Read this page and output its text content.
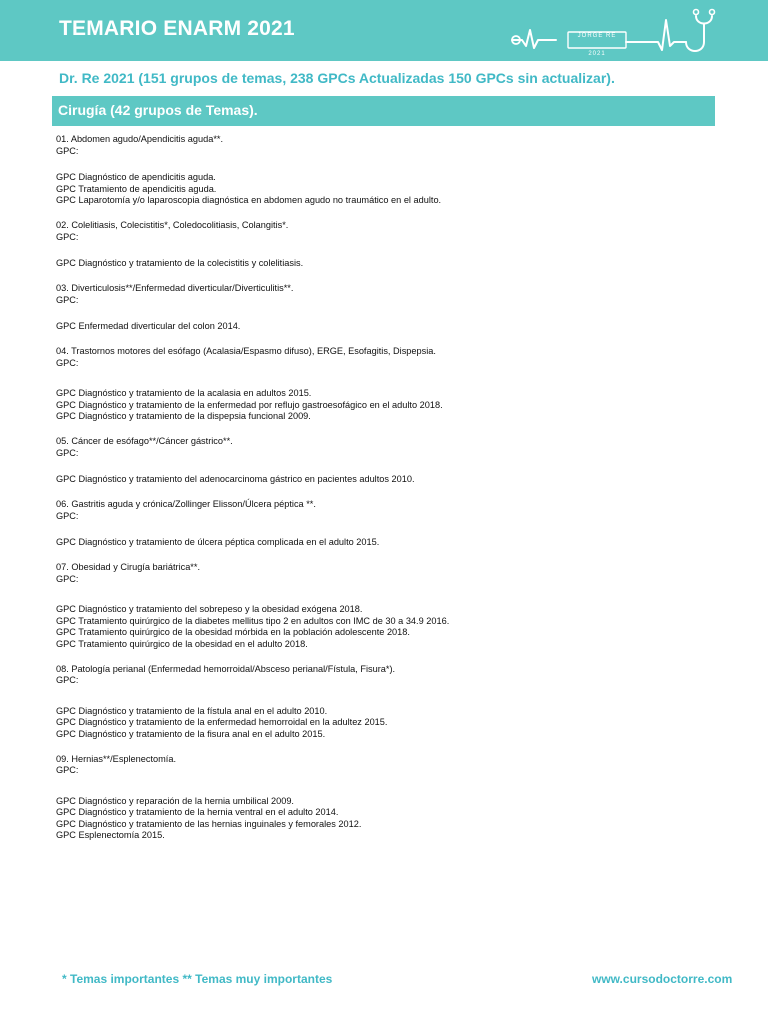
TEMARIO ENARM 2021	JORGE RE
2021
Dr. Re 2021 (151 grupos de temas, 238 GPCs Actualizadas 150 GPCs sin actualizar).
Cirugía (42 grupos de Temas).
01. Abdomen agudo/Apendicitis aguda**.
GPC:
GPC Diagnóstico de apendicitis aguda.
GPC Tratamiento de apendicitis aguda.
GPC Laparotomía y/o laparoscopia diagnóstica en abdomen agudo no traumático en el adulto.
02. Colelitiasis, Colecistitis*, Coledocolitiasis, Colangitis*.
GPC:
GPC Diagnóstico y tratamiento de la colecistitis y colelitiasis.
03. Diverticulosis**/Enfermedad diverticular/Diverticulitis**.
GPC:
GPC Enfermedad diverticular del colon 2014.
04. Trastornos motores del esófago (Acalasia/Espasmo difuso), ERGE, Esofagitis, Dispepsia.
GPC:
GPC Diagnóstico y tratamiento de la acalasia en adultos 2015.
GPC Diagnóstico y tratamiento de la enfermedad por reflujo gastroesofágico en el adulto 2018.
GPC Diagnóstico y tratamiento de la dispepsia funcional 2009.
05. Cáncer de esófago**/Cáncer gástrico**.
GPC:
GPC Diagnóstico y tratamiento del adenocarcinoma gástrico en pacientes adultos 2010.
06. Gastritis aguda y crónica/Zollinger Elisson/Úlcera péptica **.
GPC:
GPC Diagnóstico y tratamiento de úlcera péptica complicada en el adulto 2015.
07. Obesidad y Cirugía bariátrica**.
GPC:
GPC Diagnóstico y tratamiento del sobrepeso y la obesidad exógena 2018.
GPC Tratamiento quirúrgico de la diabetes mellitus tipo 2 en adultos con IMC de 30 a 34.9 2016.
GPC Tratamiento quirúrgico de la obesidad mórbida en la población adolescente 2018.
GPC Tratamiento quirúrgico de la obesidad en el adulto 2018.
08. Patología perianal (Enfermedad hemorroidal/Absceso perianal/Fístula, Fisura*).
GPC:
GPC Diagnóstico y tratamiento de la fístula anal en el adulto 2010.
GPC Diagnóstico y tratamiento de la enfermedad hemorroidal en la adultez 2015.
GPC Diagnóstico y tratamiento de la fisura anal en el adulto 2015.
09. Hernias**/Esplenectomía.
GPC:
GPC Diagnóstico y reparación de la hernia umbilical 2009.
GPC Diagnóstico y tratamiento de la hernia ventral en el adulto 2014.
GPC Diagnóstico y tratamiento de las hernias inguinales y femorales 2012.
GPC Esplenectomía 2015.
* Temas importantes ** Temas muy importantes	www.cursodoctorre.com
